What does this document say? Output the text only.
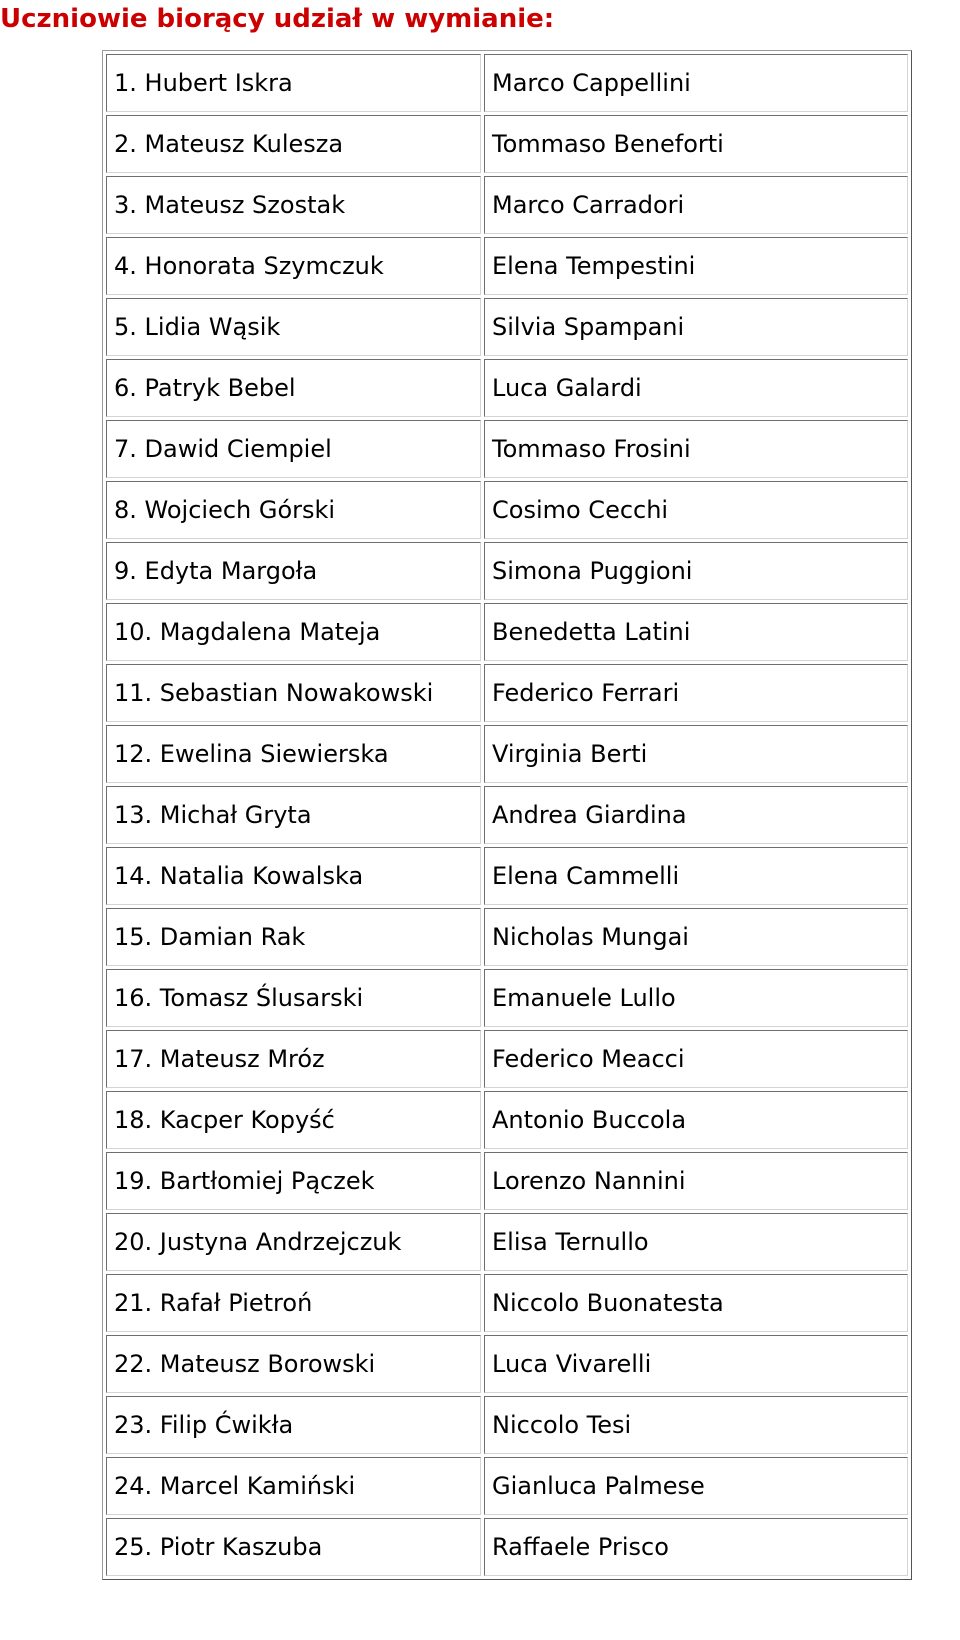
Uczniowie biorący udział w wymianie:
1. Hubert Iskra	Marco Cappellini
2. Mateusz Kulesza	Tommaso Beneforti
3. Mateusz Szostak	Marco Carradori
4. Honorata Szymczuk	Elena Tempestini
5. Lidia Wąsik	Silvia Spampani
6. Patryk Bebel	Luca Galardi
7. Dawid Ciempiel	Tommaso Frosini
8. Wojciech Górski	Cosimo Cecchi
9. Edyta Margoła	Simona Puggioni
10. Magdalena Mateja	Benedetta Latini
11. Sebastian Nowakowski	Federico Ferrari
12. Ewelina Siewierska	Virginia Berti
13. Michał Gryta	Andrea Giardina
14. Natalia Kowalska	Elena Cammelli
15. Damian Rak	Nicholas Mungai
16. Tomasz Ślusarski	Emanuele Lullo
17. Mateusz Mróz	Federico Meacci
18. Kacper Kopyść	Antonio Buccola
19. Bartłomiej Pączek	Lorenzo Nannini
20. Justyna Andrzejczuk	Elisa Ternullo
21. Rafał Pietroń	Niccolo Buonatesta
22. Mateusz Borowski	Luca Vivarelli
23. Filip Ćwikła	Niccolo Tesi
24. Marcel Kamiński	Gianluca Palmese
25. Piotr Kaszuba	Raffaele Prisco
